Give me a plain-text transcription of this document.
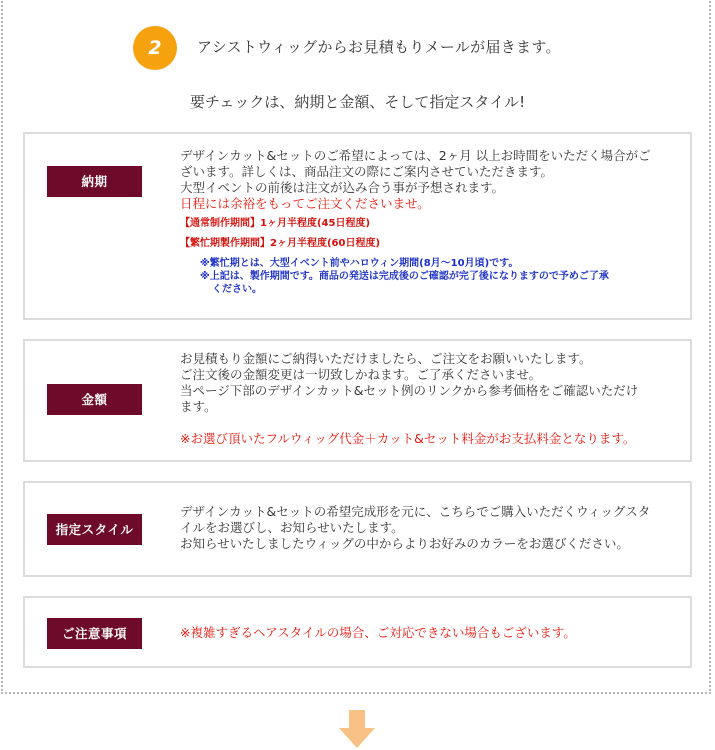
2	アシストウィッグからお見積もりメールが届きます。
要チェックは、納期と金額、そして指定スタイル!
納期

デザインカット&セットのご希望によっては、2ヶ月 以上お時間をいただく場合がご

ざいます。詳しくは、商品注文の際にご案内させていただきます。

大型イベントの前後は注文が込み合う事が予想されます。

日程には余裕をもってご注文くださいませ。

【通常制作期間】1ヶ月半程度(45日程度)

【繁忙期製作期間】2ヶ月半程度(60日程度)

※繁忙期とは、大型イベント前やハロウィン期間(8月〜10月頃)です。

※上記は、製作期間です。商品の発送は完成後のご確認が完了後になりますので予めご了承

ください。

金額

お見積もり金額にご納得いただけましたら、ご注文をお願いいたします。

ご注文後の金額変更は一切致しかねます。ご了承くださいませ。

当ページ下部のデザインカット&セット例のリンクから参考価格をご確認いただけ

ます。

※お選び頂いたフルウィッグ代金＋カット&セット料金がお支払料金となります。

指定スタイル

デザインカット&セットの希望完成形を元に、こちらでご購入いただくウィッグスタ

イルをお選びし、お知らせいたします。

お知らせいたしましたウィッグの中からよりお好みのカラーをお選びください。

ご注意事項	※複雑すぎるヘアスタイルの場合、ご対応できない場合もございます。
